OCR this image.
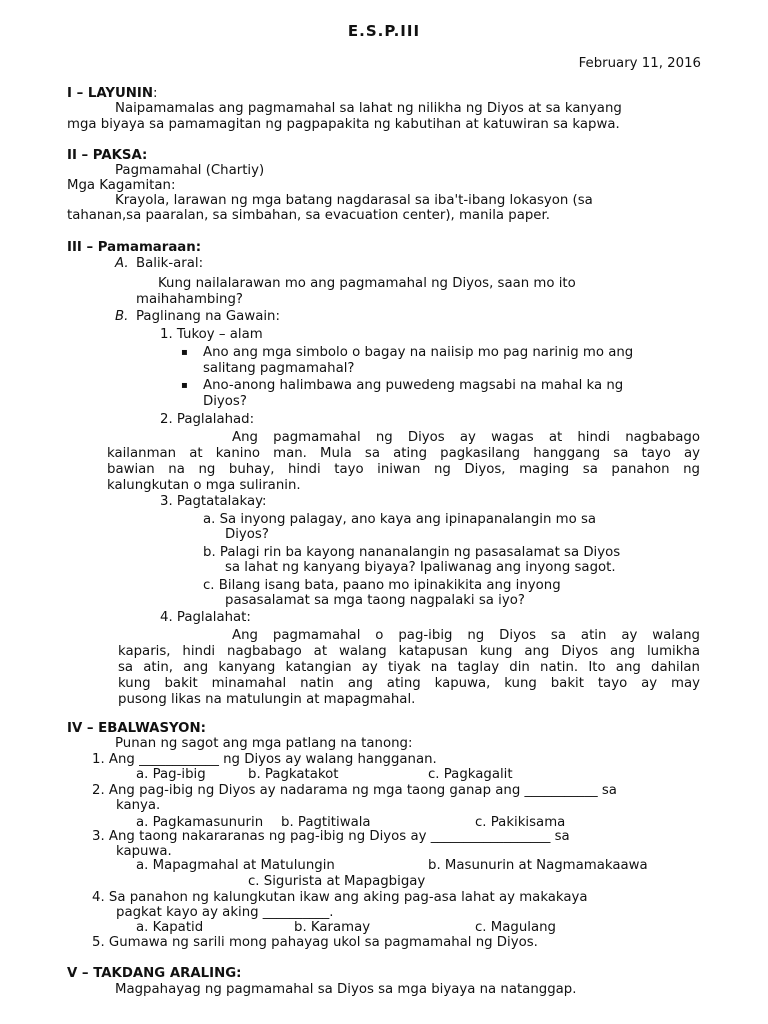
E.S.P.III
February 11, 2016
I – LAYUNIN:
Naipamamalas ang pagmamahal sa lahat ng nilikha ng Diyos at sa kanyang
mga biyaya sa pamamagitan ng pagpapakita ng kabutihan at katuwiran sa kapwa.
II – PAKSA:
Pagmamahal (Chartiy)
Mga Kagamitan:
Krayola, larawan ng mga batang nagdarasal sa iba't-ibang lokasyon (sa
tahanan,sa paaralan, sa simbahan, sa evacuation center), manila paper.
III – Pamamaraan:
A. Balik-aral:
Kung nailalarawan mo ang pagmamahal ng Diyos, saan mo ito
maihahambing?
B. Paglinang na Gawain:
1. Tukoy – alam
▪ Ano ang mga simbolo o bagay na naiisip mo pag narinig mo ang
salitang pagmamahal?
▪ Ano-anong halimbawa ang puwedeng magsabi na mahal ka ng
Diyos?
2. Paglalahad:
Ang pagmamahal ng Diyos ay wagas at hindi nagbabago
kailanman at kanino man. Mula sa ating pagkasilang hanggang sa tayo ay
bawian na ng buhay, hindi tayo iniwan ng Diyos, maging sa panahon ng
kalungkutan o mga suliranin.
3. Pagtatalakay:
a. Sa inyong palagay, ano kaya ang ipinapanalangin mo sa
Diyos?
b. Palagi rin ba kayong nananalangin ng pasasalamat sa Diyos
sa lahat ng kanyang biyaya? Ipaliwanag ang inyong sagot.
c. Bilang isang bata, paano mo ipinakikita ang inyong
pasasalamat sa mga taong nagpalaki sa iyo?
4. Paglalahat:
Ang pagmamahal o pag-ibig ng Diyos sa atin ay walang
kaparis, hindi nagbabago at walang katapusan kung ang Diyos ang lumikha
sa atin, ang kanyang katangian ay tiyak na taglay din natin. Ito ang dahilan
kung bakit minamahal natin ang ating kapuwa, kung bakit tayo ay may
pusong likas na matulungin at mapagmahal.
IV – EBALWASYON:
Punan ng sagot ang mga patlang na tanong:
1. Ang ____________ ng Diyos ay walang hangganan.
a. Pag-ibig	b. Pagkatakot	c. Pagkagalit
2. Ang pag-ibig ng Diyos ay nadarama ng mga taong ganap ang ___________ sa
kanya.
a. Pagkamasunurin b. Pagtitiwala	c. Pakikisama
3. Ang taong nakararanas ng pag-ibig ng Diyos ay __________________ sa
kapuwa.
a. Mapagmahal at Matulungin	b. Masunurin at Nagmamakaawa
c. Sigurista at Mapagbigay
4. Sa panahon ng kalungkutan ikaw ang aking pag-asa lahat ay makakaya
pagkat kayo ay aking __________.
a. Kapatid	b. Karamay	c. Magulang
5. Gumawa ng sarili mong pahayag ukol sa pagmamahal ng Diyos.
V – TAKDANG ARALING:
Magpahayag ng pagmamahal sa Diyos sa mga biyaya na natanggap.
